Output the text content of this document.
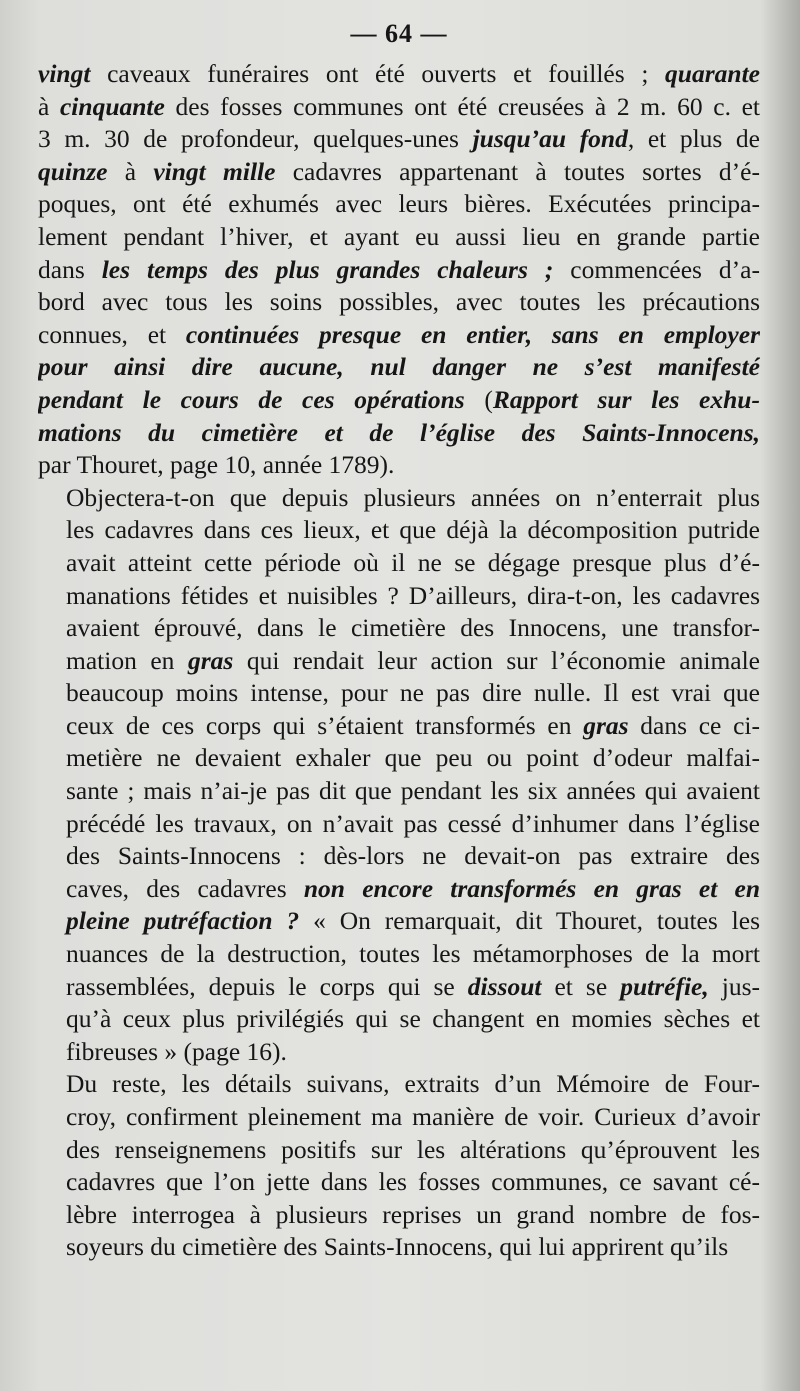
— 64 —

vingt caveaux funéraires ont été ouverts et fouillés ; quarante
à cinquante des fosses communes ont été creusées à 2 m. 60 c. et
3 m. 30 de profondeur, quelques-unes jusqu’au fond, et plus de
quinze à vingt mille cadavres appartenant à toutes sortes d’é-
poques, ont été exhumés avec leurs bières. Exécutées principa-
lement pendant l’hiver, et ayant eu aussi lieu en grande partie
dans les temps des plus grandes chaleurs ; commencées d’a-
bord avec tous les soins possibles, avec toutes les précautions
connues, et continuées presque en entier, sans en employer
pour ainsi dire aucune, nul danger ne s’est manifesté
pendant le cours de ces opérations (Rapport sur les exhu-
mations du cimetière et de l’église des Saints-Innocens,
par Thouret, page 10, année 1789).

Objectera-t-on que depuis plusieurs années on n’enterrait plus
les cadavres dans ces lieux, et que déjà la décomposition putride
avait atteint cette période où il ne se dégage presque plus d’é-
manations fétides et nuisibles ? D’ailleurs, dira-t-on, les cadavres
avaient éprouvé, dans le cimetière des Innocens, une transfor-
mation en gras qui rendait leur action sur l’économie animale
beaucoup moins intense, pour ne pas dire nulle. Il est vrai que
ceux de ces corps qui s’étaient transformés en gras dans ce ci-
metière ne devaient exhaler que peu ou point d’odeur malfai-
sante ; mais n’ai-je pas dit que pendant les six années qui avaient
précédé les travaux, on n’avait pas cessé d’inhumer dans l’église
des Saints-Innocens : dès-lors ne devait-on pas extraire des
caves, des cadavres non encore transformés en gras et en
pleine putréfaction ? « On remarquait, dit Thouret, toutes les
nuances de la destruction, toutes les métamorphoses de la mort
rassemblées, depuis le corps qui se dissout et se putréfie, jus-
qu’à ceux plus privilégiés qui se changent en momies sèches et
fibreuses » (page 16).

Du reste, les détails suivans, extraits d’un Mémoire de Four-
croy, confirment pleinement ma manière de voir. Curieux d’avoir
des renseignemens positifs sur les altérations qu’éprouvent les
cadavres que l’on jette dans les fosses communes, ce savant cé-
lèbre interrogea à plusieurs reprises un grand nombre de fos-
soyeurs du cimetière des Saints-Innocens, qui lui apprirent qu’ils
